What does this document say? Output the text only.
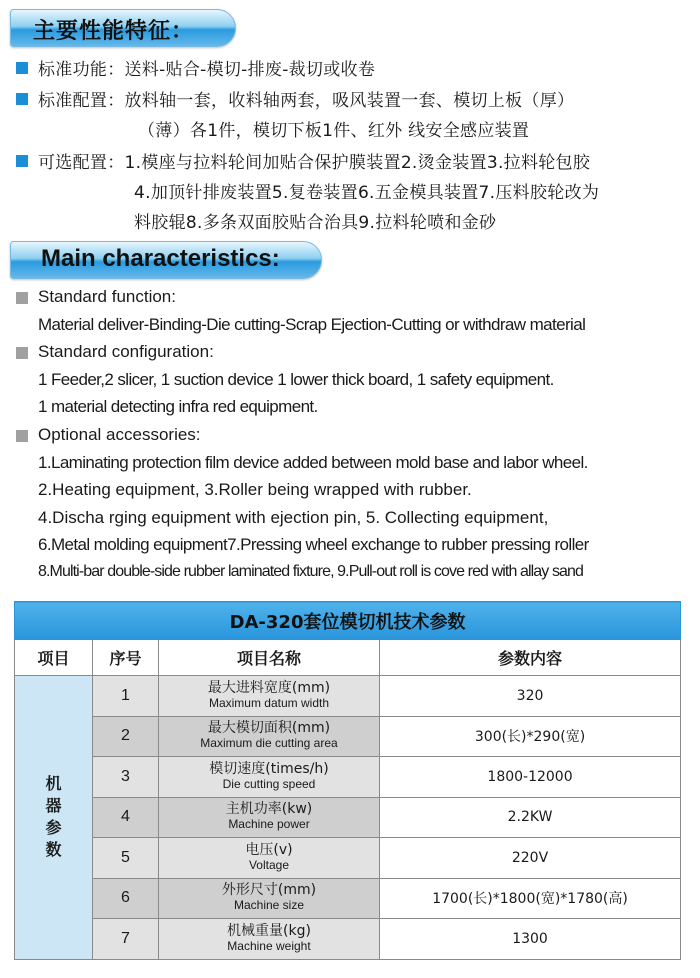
主要性能特征：
标准功能：送料-贴合-模切-排废-裁切或收卷
标准配置：放料轴一套，收料轴两套，吸风装置一套、模切上板（厚）
（薄）各1件，模切下板1件、红外 线安全感应装置
可选配置：1.模座与拉料轮间加贴合保护膜装置2.烫金装置3.拉料轮包胶
4.加顶针排废装置5.复卷装置6.五金模具装置7.压料胶轮改为
料胶辊8.多条双面胶贴合治具9.拉料轮喷和金砂
Main characteristics:
Standard function:
Material deliver-Binding-Die cutting-Scrap Ejection-Cutting or withdraw material
Standard configuration:
1 Feeder,2 slicer, 1 suction device 1 lower thick board, 1 safety equipment.
1 material detecting infra red equipment.
Optional accessories:
1.Laminating protection film device added between mold base and labor wheel.
2.Heating equipment, 3.Roller being wrapped with rubber.
4.Discha rging equipment with ejection pin, 5. Collecting equipment,
6.Metal molding equipment7.Pressing wheel exchange to rubber pressing roller
8.Multi-bar double-side rubber laminated fixture, 9.Pull-out roll is cove red with allay sand
DA-320套位模切机技术参数			
项目	序号	项目名称	参数内容
机器参数	1	最大进料宽度(mm)
Maximum datum width	320
	2	最大模切面积(mm)
Maximum die cutting area	300(长)*290(宽)
	3	模切速度(times/h)
Die cutting speed	1800-12000
	4	主机功率(kw)
Machine power	2.2KW
	5	电压(v)
Voltage	220V
	6	外形尺寸(mm)
Machine size	1700(长)*1800(宽)*1780(高)
	7	机械重量(kg)
Machine weight	1300
